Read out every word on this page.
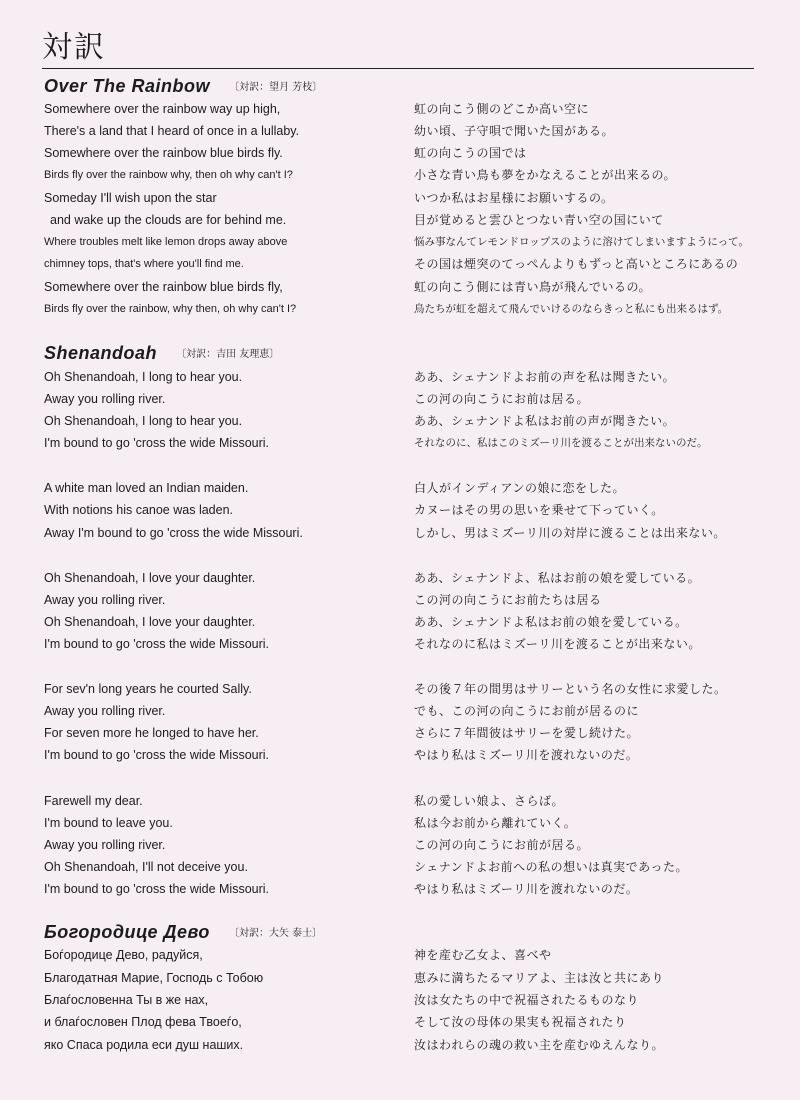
対訳
Over The Rainbow 〔対訳：望月 芳枝〕
Somewhere over the rainbow way up high,	虹の向こう側のどこか高い空に
There's a land that I heard of once in a lullaby.	幼い頃、子守唄で聞いた国がある。
Somewhere over the rainbow blue birds fly.	虹の向こうの国では
Birds fly over the rainbow why, then oh why can't I?	小さな青い鳥も夢をかなえることが出来るの。
Someday I'll wish upon the star	いつか私はお星様にお願いするの。
and wake up the clouds are for behind me.	目が覚めると雲ひとつない青い空の国にいて
Where troubles melt like lemon drops away above	悩み事なんてレモンドロップスのように溶けてしまいますようにって。
chimney tops, that's where you'll find me.	その国は煙突のてっぺんよりもずっと高いところにあるの
Somewhere over the rainbow blue birds fly,	虹の向こう側には青い鳥が飛んでいるの。
Birds fly over the rainbow, why then, oh why can't I?	鳥たちが虹を超えて飛んでいけるのならきっと私にも出来るはず。
Shenandoah 〔対訳：吉田 友理恵〕
Oh Shenandoah, I long to hear you.	ああ、シェナンドよお前の声を私は聞きたい。
Away you rolling river.	この河の向こうにお前は居る。
Oh Shenandoah, I long to hear you.	ああ、シェナンドよ私はお前の声が聞きたい。
I'm bound to go 'cross the wide Missouri.	それなのに、私はこのミズーリ川を渡ることが出来ないのだ。
A white man loved an Indian maiden.	白人がインディアンの娘に恋をした。
With notions his canoe was laden.	カヌーはその男の思いを乗せて下っていく。
Away I'm bound to go 'cross the wide Missouri.	しかし、男はミズーリ川の対岸に渡ることは出来ない。
Oh Shenandoah, I love your daughter.	ああ、シェナンドよ、私はお前の娘を愛している。
Away you rolling river.	この河の向こうにお前たちは居る
Oh Shenandoah, I love your daughter.	ああ、シェナンドよ私はお前の娘を愛している。
I'm bound to go 'cross the wide Missouri.	それなのに私はミズーリ川を渡ることが出来ない。
For sev'n long years he courted Sally.	その後７年の間男はサリーという名の女性に求愛した。
Away you rolling river.	でも、この河の向こうにお前が居るのに
For seven more he longed to have her.	さらに７年間彼はサリーを愛し続けた。
I'm bound to go 'cross the wide Missouri.	やはり私はミズーリ川を渡れないのだ。
Farewell my dear.	私の愛しい娘よ、さらば。
I'm bound to leave you.	私は今お前から離れていく。
Away you rolling river.	この河の向こうにお前が居る。
Oh Shenandoah, I'll not deceive you.	シェナンドよお前への私の想いは真実であった。
I'm bound to go 'cross the wide Missouri.	やはり私はミズーリ川を渡れないのだ。
Богородице Дево 〔対訳：大矢 泰士〕
Боѓородице Дево, радуйся,	神を産む乙女よ、喜べや
Благодатная Марие, Господь с Тобою	恵みに満ちたるマリアよ、主は汝と共にあり
Блаѓословенна Ты в же нах,	汝は女たちの中で祝福されたるものなり
и блаѓословен Плод фева Твоеѓо,	そして汝の母体の果実も祝福されたり
яко Спаса родила еси душ наших.	汝はわれらの魂の救い主を産むゆえんなり。
